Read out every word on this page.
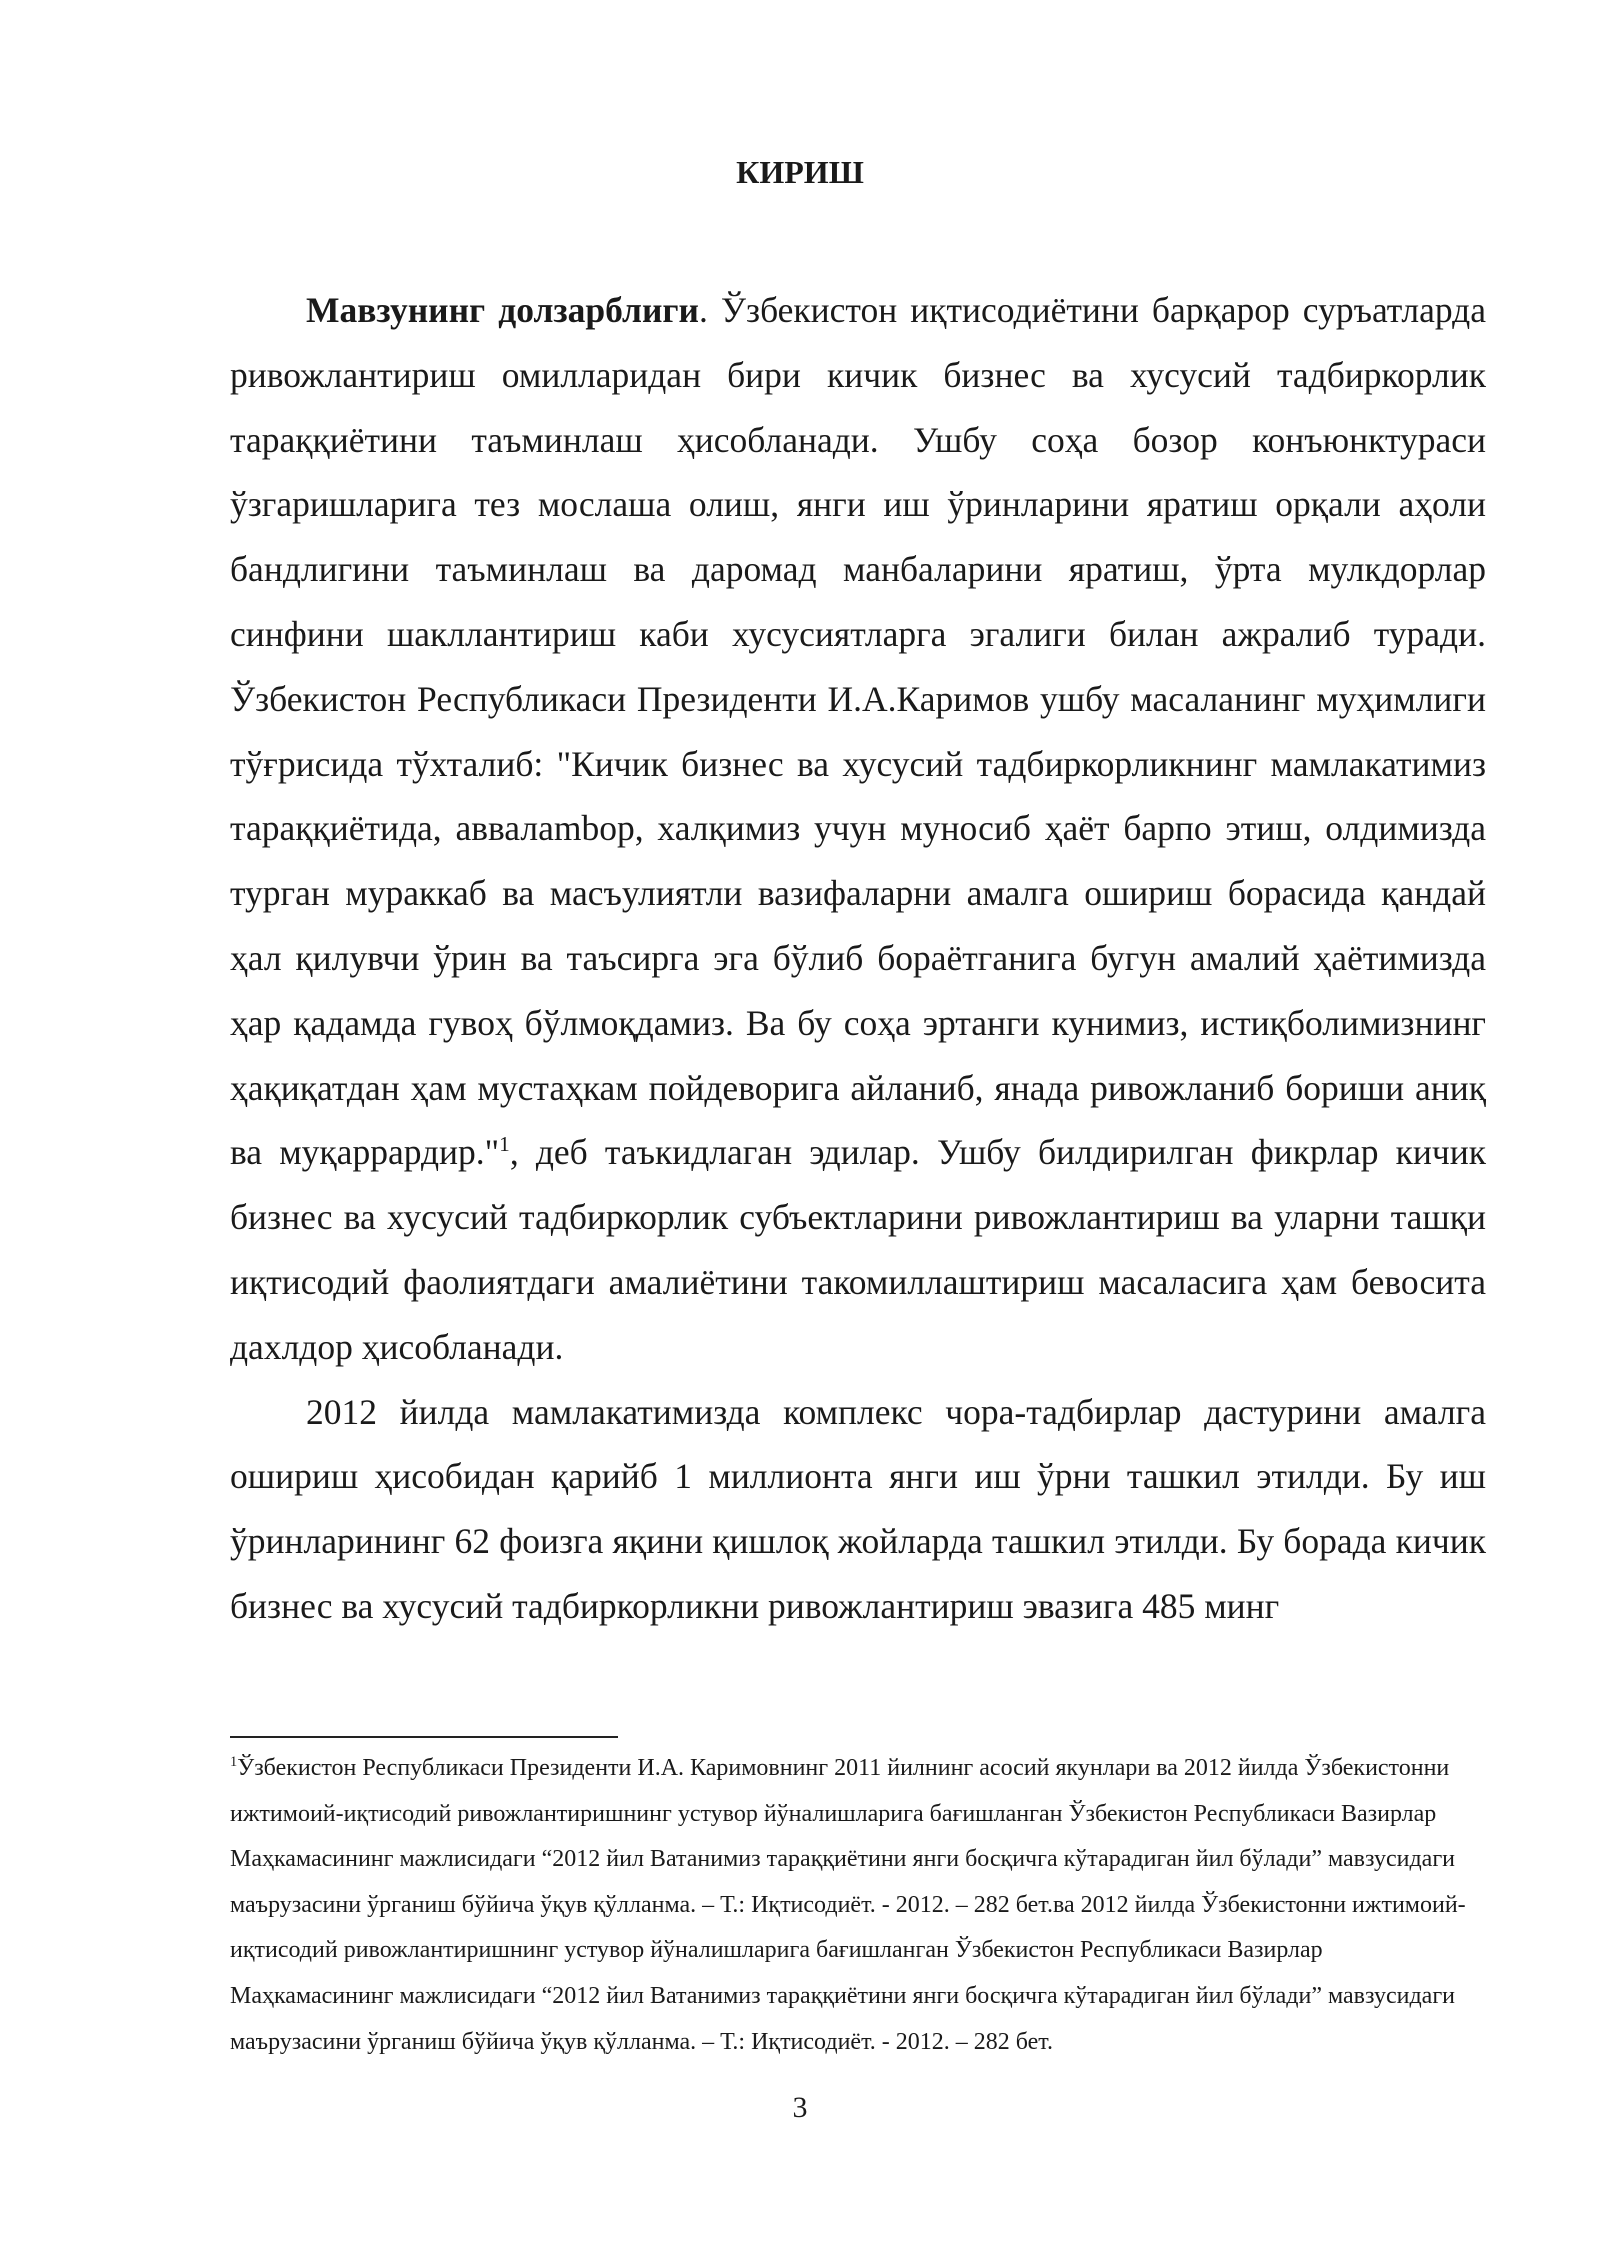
КИРИШ

Мавзунинг долзарблиги. Ўзбекистон иқтисодиётини барқарор суръатларда ривожлантириш омилларидан бири кичик бизнес ва хусусий тадбиркорлик тараққиётини таъминлаш ҳисобланади. Ушбу соҳа бозор конъюнктураси ўзгаришларига тез мослаша олиш, янги иш ўринларини яратиш орқали аҳоли бандлигини таъминлаш ва даромад манбаларини яратиш, ўрта мулкдорлар синфини шакллантириш каби хусусиятларга эгалиги билан ажралиб туради. Ўзбекистон Республикаси Президенти И.А.Каримов ушбу масаланинг муҳимлиги тўғрисида тўхталиб: "Кичик бизнес ва хусусий тадбиркорликнинг мамлакатимиз тараққиётида, аввалambор, халқимиз учун муносиб ҳаёт барпо этиш, олдимизда турган мураккаб ва масъулиятли вазифаларни амалга ошириш борасида қандай ҳал қилувчи ўрин ва таъсирга эга бўлиб бораётганига бугун амалий ҳаётимизда ҳар қадамда гувоҳ бўлмоқдамиз. Ва бу соҳа эртанги кунимиз, истиқболимизнинг ҳақиқатдан ҳам мустаҳкам пойдеворига айланиб, янада ривожланиб бориши аниқ ва муқаррардир."$^1$, деб таъкидлаган эдилар. Ушбу билдирилган фикрлар кичик бизнес ва хусусий тадбиркорлик субъектларини ривожлантириш ва уларни ташқи иқтисодий фаолиятдаги амалиётини такомиллаштириш масаласига ҳам бевосита дахлдор ҳисобланади.

2012 йилда мамлакатимизда комплекс чора-тадбирлар дастурини амалга ошириш ҳисобидан қарийб 1 миллионта янги иш ўрни ташкил этилди. Бу иш ўринларининг 62 фоизга яқини қишлоқ жойларда ташкил этилди. Бу борада кичик бизнес ва хусусий тадбиркорликни ривожлантириш эвазига 485 минг

$^1$Ўзбекистон Республикаси Президенти И.А. Каримовнинг 2011 йилнинг асосий якунлари ва 2012 йилда Ўзбекистонни ижтимоий-иқтисодий ривожлантиришнинг устувор йўналишларига бағишланган Ўзбекистон Республикаси Вазирлар Маҳкамасининг мажлисидаги “2012 йил Ватанимиз тараққиётини янги босқичга кўтарадиган йил бўлади” мавзусидаги маърузасини ўрганиш бўйича ўқув қўлланма. – Т.: Иқтисодиёт. - 2012. – 282 бет.ва 2012 йилда Ўзбекистонни ижтимоий-иқтисодий ривожлантиришнинг устувор йўналишларига бағишланган Ўзбекистон Республикаси Вазирлар Маҳкамасининг мажлисидаги “2012 йил Ватанимиз тараққиётини янги босқичга кўтарадиган йил бўлади” мавзусидаги маърузасини ўрганиш бўйича ўқув қўлланма. – Т.: Иқтисодиёт. - 2012. – 282 бет.

3
